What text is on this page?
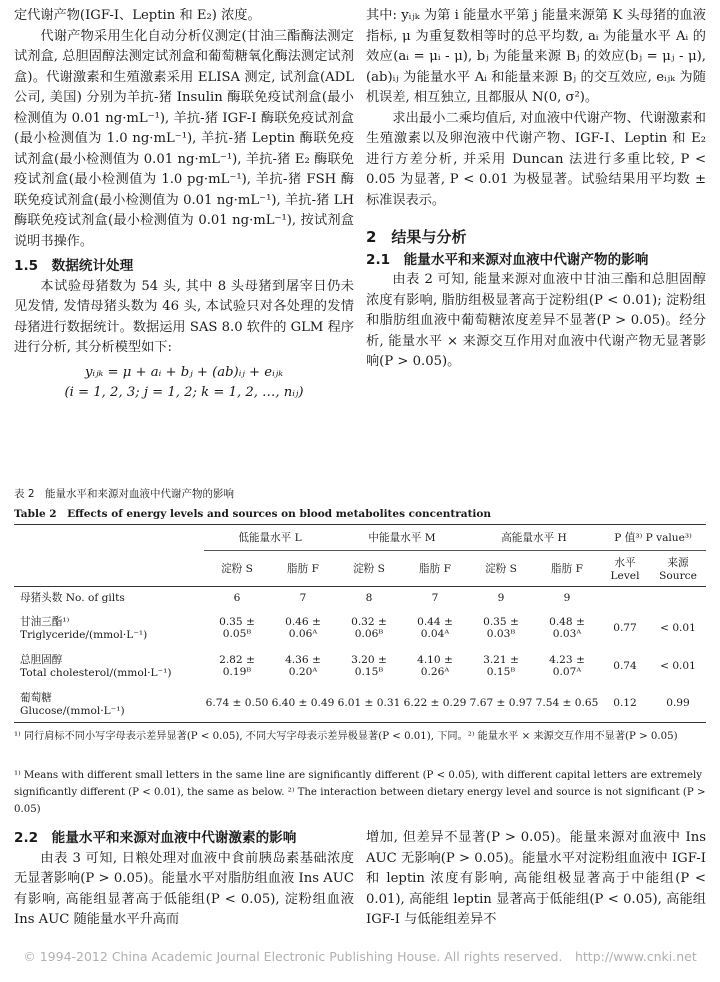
定代谢产物(IGF-Ⅰ、Leptin 和 E₂) 浓度。

代谢产物采用生化自动分析仪测定(甘油三酯酶法测定试剂盒, 总胆固醇法测定试剂盒和葡萄糖氧化酶法测定试剂盒)。代谢激素和生殖激素采用 ELISA 测定, 试剂盒(ADL 公司, 美国) 分别为羊抗-猪 Insulin 酶联免疫试剂盒(最小检测值为 0.01 ng·mL⁻¹), 羊抗-猪 IGF-Ⅰ 酶联免疫试剂盒(最小检测值为 1.0 ng·mL⁻¹), 羊抗-猪 Leptin 酶联免疫试剂盒(最小检测值为 0.01 ng·mL⁻¹), 羊抗-猪 E₂ 酶联免疫试剂盒(最小检测值为 1.0 pg·mL⁻¹), 羊抗-猪 FSH 酶联免疫试剂盒(最小检测值为 0.01 ng·mL⁻¹), 羊抗-猪 LH 酶联免疫试剂盒(最小检测值为 0.01 ng·mL⁻¹), 按试剂盒说明书操作。

1.5　数据统计处理

本试验母猪数为 54 头, 其中 8 头母猪到屠宰日仍未见发情, 发情母猪头数为 46 头, 本试验只对各处理的发情母猪进行数据统计。数据运用 SAS 8.0 软件的 GLM 程序进行分析, 其分析模型如下:

yᵢⱼₖ = μ + aᵢ + bⱼ + (ab)ᵢⱼ + eᵢⱼₖ

(i = 1, 2, 3; j = 1, 2; k = 1, 2, …, nᵢⱼ)

其中: yᵢⱼₖ 为第 i 能量水平第 j 能量来源第 K 头母猪的血液指标, μ 为重复数相等时的总平均数, aᵢ 为能量水平 Aᵢ 的效应(aᵢ = μᵢ - μ), bⱼ 为能量来源 Bⱼ 的效应(bⱼ = μⱼ - μ), (ab)ᵢⱼ 为能量水平 Aᵢ 和能量来源 Bⱼ 的交互效应, eᵢⱼₖ 为随机误差, 相互独立, 且都服从 N(0, σ²)。

求出最小二乘均值后, 对血液中代谢产物、代谢激素和生殖激素以及卵泡液中代谢产物、IGF-Ⅰ、Leptin 和 E₂ 进行方差分析, 并采用 Duncan 法进行多重比较, P < 0.05 为显著, P < 0.01 为极显著。试验结果用平均数 ± 标准误表示。

2　结果与分析

2.1　能量水平和来源对血液中代谢产物的影响

由表 2 可知, 能量来源对血液中甘油三酯和总胆固醇浓度有影响, 脂肪组极显著高于淀粉组(P < 0.01); 淀粉组和脂肪组血液中葡萄糖浓度差异不显著(P > 0.05)。经分析, 能量水平 × 来源交互作用对血液中代谢产物无显著影响(P > 0.05)。

表 2　能量水平和来源对血液中代谢产物的影响
Table 2　Effects of energy levels and sources on blood metabolites concentration
	低能量水平 L		中能量水平 M		高能量水平 H		P 值³⁾ P value³⁾	
	淀粉 S	脂肪 F	淀粉 S	脂肪 F	淀粉 S	脂肪 F	水平
Level	来源
Source
母猪头数 No. of gilts	6	7	8	7	9	9		

甘油三酯¹⁾
Triglyceride/(mmol·L⁻¹)	0.35 ± 0.05ᴮ	0.46 ± 0.06ᴬ	0.32 ± 0.06ᴮ	0.44 ± 0.04ᴬ	0.35 ± 0.03ᴮ	0.48 ± 0.03ᴬ	0.77	< 0.01

总胆固醇
Total cholesterol/(mmol·L⁻¹)	2.82 ± 0.19ᴮ	4.36 ± 0.20ᴬ	3.20 ± 0.15ᴮ	4.10 ± 0.26ᴬ	3.21 ± 0.15ᴮ	4.23 ± 0.07ᴬ	0.74	< 0.01

葡萄糖
Glucose/(mmol·L⁻¹)	6.74 ± 0.50	6.40 ± 0.49	6.01 ± 0.31	6.22 ± 0.29	7.67 ± 0.97	7.54 ± 0.65	0.12	0.99
¹⁾ 同行肩标不同小写字母表示差异显著(P < 0.05), 不同大写字母表示差异极显著(P < 0.01), 下同。²⁾ 能量水平 × 来源交互作用不显著(P > 0.05)
¹⁾ Means with different small letters in the same line are significantly different (P < 0.05), with different capital letters are extremely significantly different (P < 0.01), the same as below. ²⁾ The interaction between dietary energy level and source is not significant (P > 0.05)

2.2　能量水平和来源对血液中代谢激素的影响

由表 3 可知, 日粮处理对血液中食前胰岛素基础浓度无显著影响(P > 0.05)。能量水平对脂肪组血液 Ins AUC 有影响, 高能组显著高于低能组(P < 0.05), 淀粉组血液 Ins AUC 随能量水平升高而

增加, 但差异不显著(P > 0.05)。能量来源对血液中 Ins AUC 无影响(P > 0.05)。能量水平对淀粉组血液中 IGF-Ⅰ 和 leptin 浓度有影响, 高能组极显著高于中能组(P < 0.01), 高能组 leptin 显著高于低能组(P < 0.05), 高能组 IGF-Ⅰ 与低能组差异不

© 1994-2012 China Academic Journal Electronic Publishing House. All rights reserved.　http://www.cnki.net
